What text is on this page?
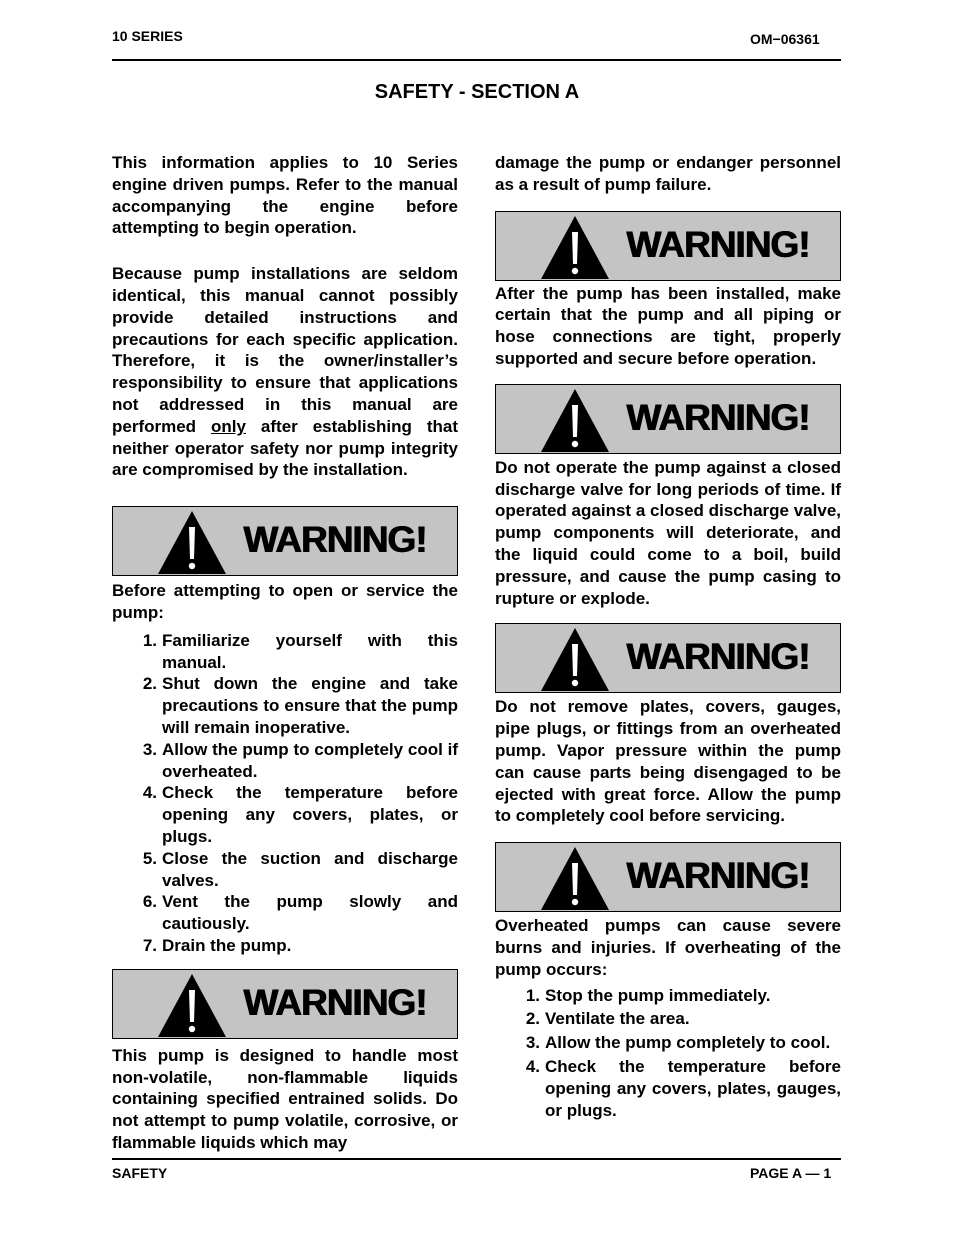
10 SERIES	OM−06361
SAFETY - SECTION A

This information applies to 10 Series engine driven pumps. Refer to the manual accompanying the engine before attempting to begin operation.

Because pump installations are seldom identical, this manual cannot possibly provide detailed instructions and precautions for each specific application. Therefore, it is the owner/installer’s responsibility to ensure that applications not addressed in this manual are performed only after establishing that neither operator safety nor pump integrity are compromised by the installation.

WARNING!

Before attempting to open or service the pump:

1. Familiarize yourself with this manual.
2. Shut down the engine and take precautions to ensure that the pump will remain inoperative.
3. Allow the pump to completely cool if overheated.
4. Check the temperature before opening any covers, plates, or plugs.
5. Close the suction and discharge valves.
6. Vent the pump slowly and cautiously.
7. Drain the pump.
WARNING!

This pump is designed to handle most non-volatile, non-flammable liquids containing specified entrained solids. Do not attempt to pump volatile, corrosive, or flammable liquids which may

damage the pump or endanger personnel as a result of pump failure.

WARNING!

After the pump has been installed, make certain that the pump and all piping or hose connections are tight, properly supported and secure before operation.

WARNING!

Do not operate the pump against a closed discharge valve for long periods of time. If operated against a closed discharge valve, pump components will deteriorate, and the liquid could come to a boil, build pressure, and cause the pump casing to rupture or explode.

WARNING!

Do not remove plates, covers, gauges, pipe plugs, or fittings from an overheated pump. Vapor pressure within the pump can cause parts being disengaged to be ejected with great force. Allow the pump to completely cool before servicing.

WARNING!

Overheated pumps can cause severe burns and injuries. If overheating of the pump occurs:

1. Stop the pump immediately.
2. Ventilate the area.
3. Allow the pump completely to cool.
4. Check the temperature before opening any covers, plates, gauges, or plugs.
SAFETY	PAGE A — 1
